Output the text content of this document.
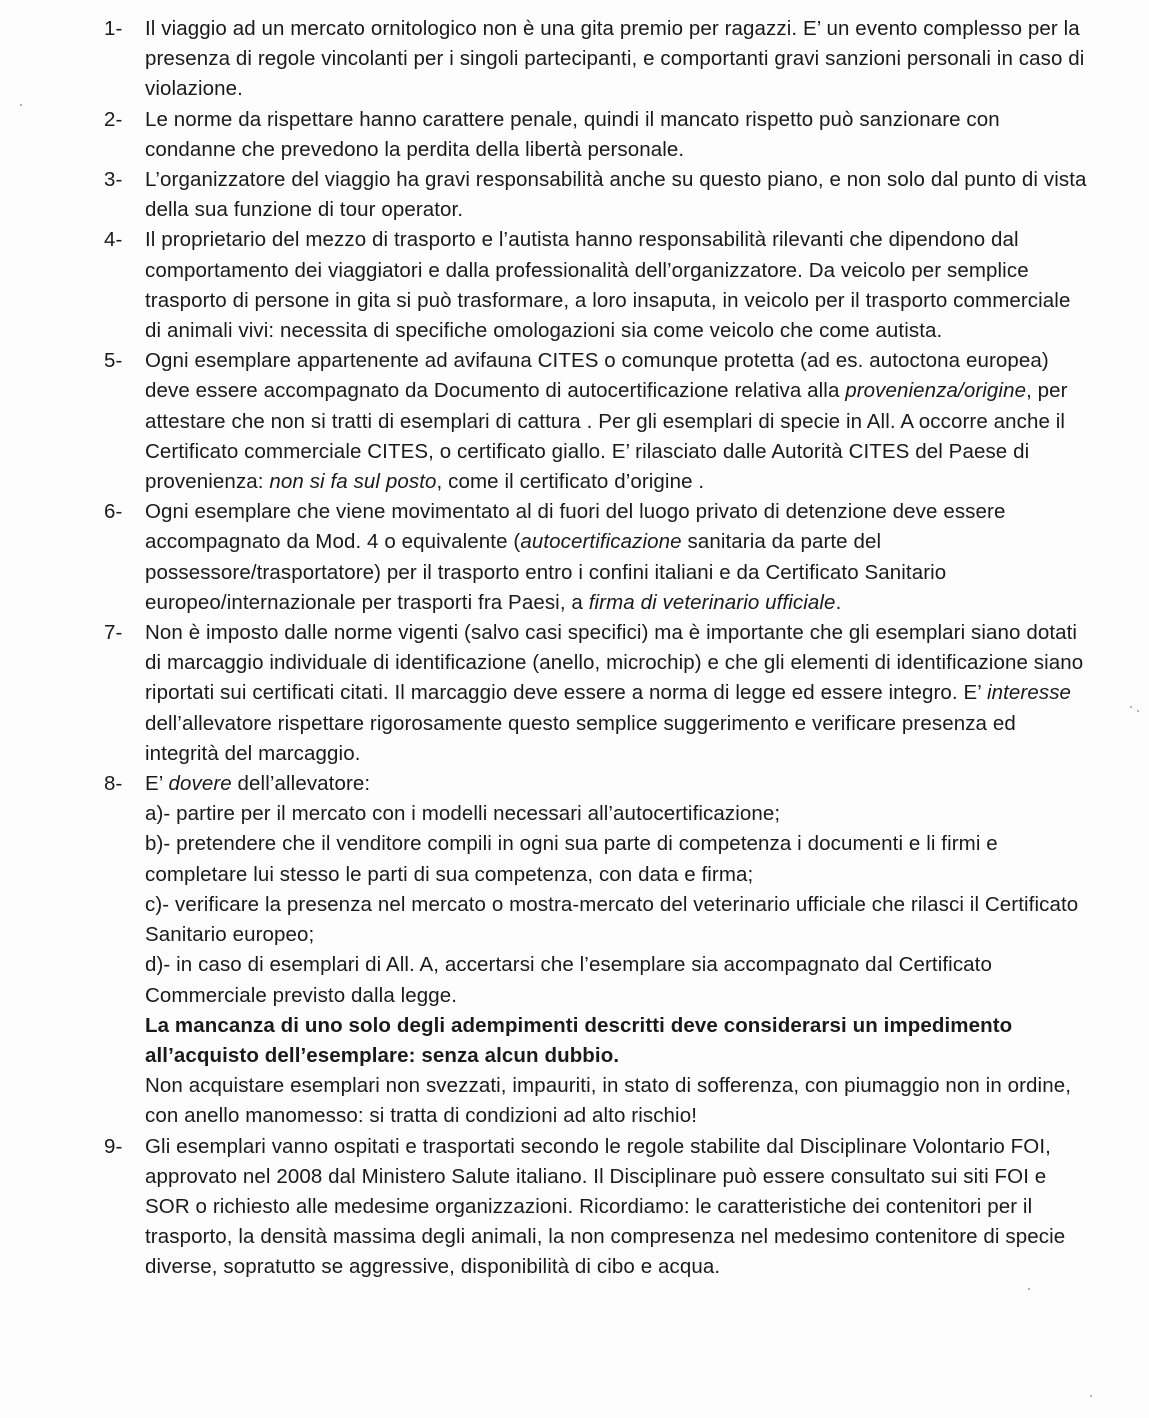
1-	Il viaggio ad un mercato ornitologico non è una gita premio per ragazzi. E’ un evento complesso per la presenza di regole vincolanti per i singoli partecipanti, e comportanti gravi sanzioni personali in caso di violazione.
2-	Le norme da rispettare hanno carattere penale, quindi il mancato rispetto può sanzionare con condanne che prevedono la perdita della libertà personale.
3-	L’organizzatore del viaggio ha gravi responsabilità anche su questo piano, e non solo dal punto di vista della sua funzione di tour operator.
4-	Il proprietario del mezzo di trasporto e l’autista hanno responsabilità rilevanti che dipendono dal comportamento dei viaggiatori e dalla professionalità dell’organizzatore. Da veicolo per semplice trasporto di persone in gita si può trasformare, a loro insaputa, in veicolo per il trasporto commerciale di animali vivi: necessita di specifiche omologazioni sia come veicolo che come autista.
5-	Ogni esemplare appartenente ad avifauna CITES o comunque protetta (ad es. autoctona europea) deve essere accompagnato da Documento di autocertificazione relativa alla provenienza/origine, per attestare che non si tratti di esemplari di cattura . Per gli esemplari di specie in All. A occorre anche il Certificato commerciale CITES, o certificato giallo. E’ rilasciato dalle Autorità CITES del Paese di provenienza: non si fa sul posto, come il certificato d’origine .
6-	Ogni esemplare che viene movimentato al di fuori del luogo privato di detenzione deve essere accompagnato da Mod. 4 o equivalente (autocertificazione sanitaria da parte del possessore/trasportatore) per il trasporto entro i confini italiani e da Certificato Sanitario europeo/internazionale per trasporti fra Paesi, a firma di veterinario ufficiale.
7-	Non è imposto dalle norme vigenti (salvo casi specifici) ma è importante che gli esemplari siano dotati di marcaggio individuale di identificazione (anello, microchip) e che gli elementi di identificazione siano riportati sui certificati citati. Il marcaggio deve essere a norma di legge ed essere integro. E’ interesse dell’allevatore rispettare rigorosamente questo semplice suggerimento e verificare presenza ed integrità del marcaggio.
8-	E’ dovere dell’allevatore:
a)- partire per il mercato con i modelli necessari all’autocertificazione;
b)- pretendere che il venditore compili in ogni sua parte di competenza i documenti e li firmi e completare lui stesso le parti di sua competenza, con data e firma;
c)- verificare la presenza nel mercato o mostra-mercato del veterinario ufficiale che rilasci il Certificato Sanitario europeo;
d)- in caso di esemplari di All. A, accertarsi che l’esemplare sia accompagnato dal Certificato Commerciale previsto dalla legge.
La mancanza di uno solo degli adempimenti descritti deve considerarsi un impedimento all’acquisto dell’esemplare: senza alcun dubbio.
Non acquistare esemplari non svezzati, impauriti, in stato di sofferenza, con piumaggio non in ordine, con anello manomesso: si tratta di condizioni ad alto rischio!
9-	Gli esemplari vanno ospitati e trasportati secondo le regole stabilite dal Disciplinare Volontario FOI, approvato nel 2008 dal Ministero Salute italiano. Il Disciplinare può essere consultato sui siti FOI e SOR o richiesto alle medesime organizzazioni. Ricordiamo: le caratteristiche dei contenitori per il trasporto, la densità massima degli animali, la non compresenza nel medesimo contenitore di specie diverse, sopratutto se aggressive, disponibilità di cibo e acqua.
